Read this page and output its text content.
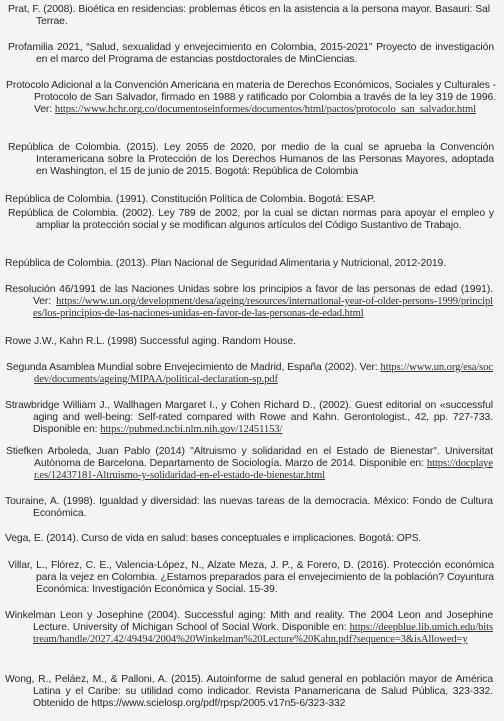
Prat, F. (2008). Bioética en residencias: problemas éticos en la asistencia a la persona mayor. Basauri: Sal Terrae.

Profamilia 2021, “Salud, sexualidad y envejecimiento en Colombia, 2015-2021” Proyecto de investigación en el marco del Programa de estancias postdoctorales de MinCiencias.

Protocolo Adicional a la Convención Americana en materia de Derechos Económicos, Sociales y Culturales - Protocolo de San Salvador, firmado en 1988 y ratificado por Colombia a través de la ley 319 de 1996. Ver: https://www.hchr.org.co/documentoseinformes/documentos/html/pactos/protocolo_san_salvador.html

República de Colombia. (2015). Ley 2055 de 2020, por medio de la cual se aprueba la Convención Interamericana sobre la Protección de los Derechos Humanos de las Personas Mayores, adoptada en Washington, el 15 de junio de 2015. Bogotá: República de Colombia

República de Colombia. (1991). Constitución Política de Colombia. Bogotá: ESAP.

República de Colombia. (2002). Ley 789 de 2002, por la cual se dictan normas para apoyar el empleo y ampliar la protección social y se modifican algunos artículos del Código Sustantivo de Trabajo.

República de Colombia. (2013). Plan Nacional de Seguridad Alimentaria y Nutricional, 2012-2019.

Resolución 46/1991 de las Naciones Unidas sobre los principios a favor de las personas de edad (1991). Ver: https://www.un.org/development/desa/ageing/resources/international-year-of-older-persons-1999/principles/los-principios-de-las-naciones-unidas-en-favor-de-las-personas-de-edad.html

Rowe J.W., Kahn R.L. (1998) Successful aging. Random House.

Segunda Asamblea Mundial sobre Envejecimiento de Madrid, España (2002). Ver: https://www.un.org/esa/socdev/documents/ageing/MIPAA/political-declaration-sp.pdf

Strawbridge William J., Wallhagen Margaret I., y Cohen Richard D., (2002). Guest editorial on «successful aging and well-being: Self-rated compared with Rowe and Kahn. Gerontologist., 42, pp. 727-733. Disponible en: https://pubmed.ncbi.nlm.nih.gov/12451153/

Stiefken Arboleda, Juan Pablo (2014) "Altruismo y solidaridad en el Estado de Bienestar". Universitat Autònoma de Barcelona. Departamento de Sociología. Marzo de 2014. Disponible en: https://docplayer.es/12437181-Altruismo-y-solidaridad-en-el-estado-de-bienestar.html

Touraine, A. (1998). Igualdad y diversidad: las nuevas tareas de la democracia. México: Fondo de Cultura Económica.

Vega, E. (2014). Curso de vida en salud: bases conceptuales e implicaciones. Bogotá: OPS.

Villar, L., Flórez, C. E., Valencia-López, N., Alzate Meza, J. P., & Forero, D. (2016). Protección económica para la vejez en Colombia. ¿Estamos preparados para el envejecimiento de la población? Coyuntura Económica: Investigación Económica y Social. 15-39.

Winkelman Leon y Josephine (2004). Successful aging: Mith and reality. The 2004 Leon and Josephine Lecture. University of Michigan School of Social Work. Disponible en: https://deepblue.lib.umich.edu/bitstream/handle/2027.42/49494/2004%20Winkelman%20Lecture%20Kahn.pdf?sequence=3&isAllowed=y

Wong, R., Peláez, M., & Palloni, A. (2015). Autoinforme de salud general en población mayor de América Latina y el Caribe: su utilidad como indicador. Revista Panamericana de Salud Pública, 323-332. Obtenido de https://www.scielosp.org/pdf/rpsp/2005.v17n5-6/323-332
